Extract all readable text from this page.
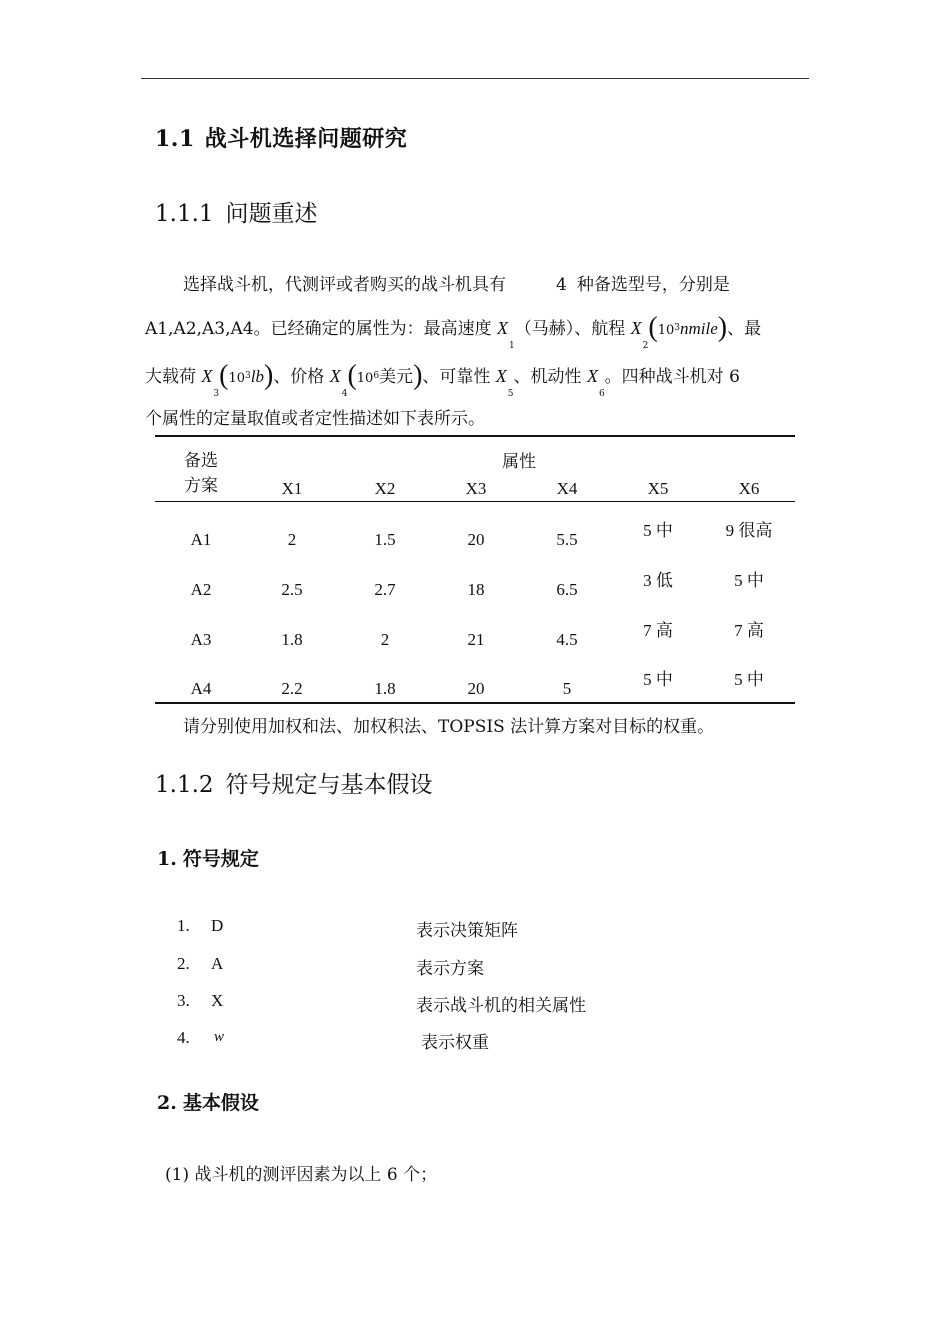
1.1 战斗机选择问题研究
1.1.1 问题重述
选择战斗机，代测评或者购买的战斗机具有	4 种备选型号，分别是
A1,A2,A3,A4。已经确定的属性为：最高速度 $X_1$（马赫）、航程 $X_2(10^3nmile)$、最
大载荷 $X_3(10^3lb)$、价格 $X_4(10^6$美元)、可靠性 $X_5$、机动性 $X_6$。四种战斗机对 6
个属性的定量取值或者定性描述如下表所示。
备选
方案
属性
X1	X2	X3	X4	X5	X6
A1	2	1.5	20	5.5	5 中	9 很高
A2	2.5	2.7	18	6.5	3 低	5 中
A3	1.8	2	21	4.5	7 高	7 高
A4	2.2	1.8	20	5	5 中	5 中
请分别使用加权和法、加权积法、TOPSIS 法计算方案对目标的权重。
1.1.2 符号规定与基本假设
1. 符号规定
1. D	表示决策矩阵
2. A	表示方案
3. X	表示战斗机的相关属性
4. w	表示权重
2. 基本假设
(1) 战斗机的测评因素为以上 6 个；
